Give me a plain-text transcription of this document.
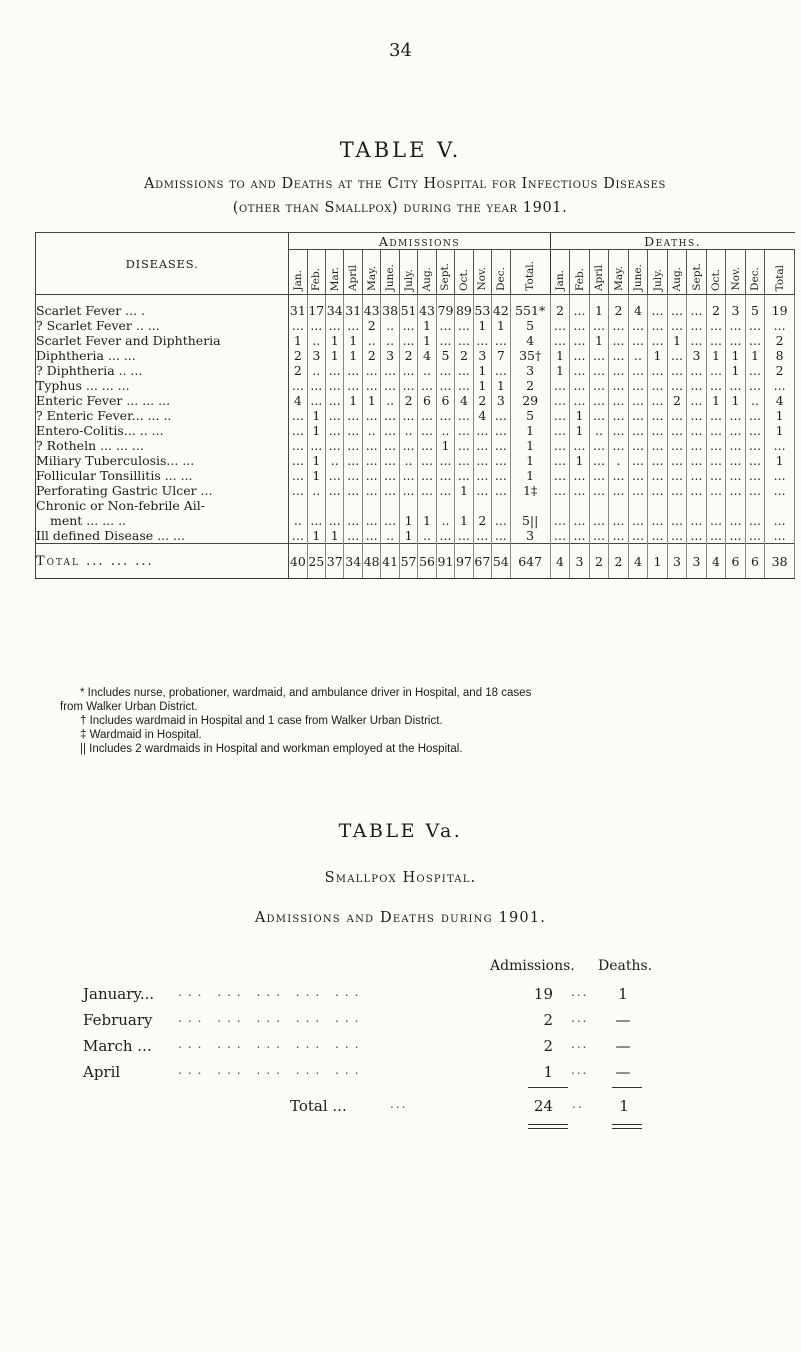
34
TABLE V.
Admissions to and Deaths at the City Hospital for Infectious Diseases
(other than Smallpox) during the year 1901.
DISEASES.	Admissions													Deaths.											
	Jan.	Feb.	Mar.	April	May.	June.	July.	Aug.	Sept.	Oct.	Nov.	Dec.	Total.	Jan.	Feb.	April	May.	June.	July.	Aug.	Sept.	Oct.	Nov.	Dec.	Total

Scarlet Fever ... .	31	17	34	31	43	38	51	43	79	89	53	42	551*	2	...	1	2	4	...	...	...	2	3	5	19

? Scarlet Fever .. ...	...	...	...	...	2	..	...	1	...	...	1	1	5	...	...	...	...	...	...	...	...	...	...	...	...

Scarlet Fever and Diphtheria	1	..	1	1	..	..	...	1	...	...	...	...	4	...	...	1	...	...	...	1	...	...	...	...	2

Diphtheria ... ...	2	3	1	1	2	3	2	4	5	2	3	7	35†	1	...	...	...	..	1	...	3	1	1	1	8

? Diphtheria .. ...	2	..	...	...	...	...	...	..	...	...	1	...	3	1	...	...	...	...	...	...	...	...	1	...	2

Typhus ... ... ...	...	...	...	...	...	...	...	...	...	...	1	1	2	...	...	...	...	...	...	...	...	...	...	...	...

Enteric Fever ... ... ...	4	...	...	1	1	..	2	6	6	4	2	3	29	...	...	...	...	...	...	2	...	1	1	..	4

? Enteric Fever... ... ..	...	1	...	...	...	...	...	...	...	...	4	...	5	...	1	...	...	...	...	...	...	...	...	...	1

Entero-Colitis... .. ...	...	1	...	...	..	...	..	...	..	...	...	...	1	...	1	..	...	...	...	...	...	...	...	...	1

? Rotheln ... ... ...	...	...	...	...	...	...	...	...	1	...	...	...	1	...	...	...	...	...	...	...	...	...	...	...	...

Miliary Tuberculosis... ...	...	1	..	...	...	...	..	...	...	...	...	...	1	...	1	...	.	...	...	...	...	...	...	...	1

Follicular Tonsillitis ... ...	...	1	...	...	...	...	...	...	...	...	...	...	1	...	...	...	...	...	...	...	...	...	...	...	...

Perforating Gastric Ulcer ...	...	..	...	...	...	...	...	...	...	1	...	...	1‡	...	...	...	...	...	...	...	...	...	...	...	...

Chronic or Non-febrile Ail-
ment ... ... ..	..	...	...	...	...	...	1	1	..	1	2	...	5||	...	...	...	...	...	...	...	...	...	...	...	...

Ill defined Disease ... ...	...	1	1	...	...	..	1	..	...	...	...	...	3	...	...	...	...	...	...	...	...	...	...	...	...
Total ... ... ...	40	25	37	34	48	41	57	56	91	97	67	54	647	4	3	2	2	4	1	3	3	4	6	6	38

* Includes nurse, probationer, wardmaid, and ambulance driver in Hospital, and 18 cases

from Walker Urban District.

† Includes wardmaid in Hospital and 1 case from Walker Urban District.

‡ Wardmaid in Hospital.

|| Includes 2 wardmaids in Hospital and workman employed at the Hospital.

TABLE Va.
Smallpox Hospital.
Admissions and Deaths during 1901.
Admissions. Deaths.
January... ... ... ... ... ...	19 ...	1
February ... ... ... ... ...	2 ...	—
March ... ... ... ... ... ...	2 ...	—
April	... ... ... ... ...	1 ...	—
Total ...	...	24 ..	1
